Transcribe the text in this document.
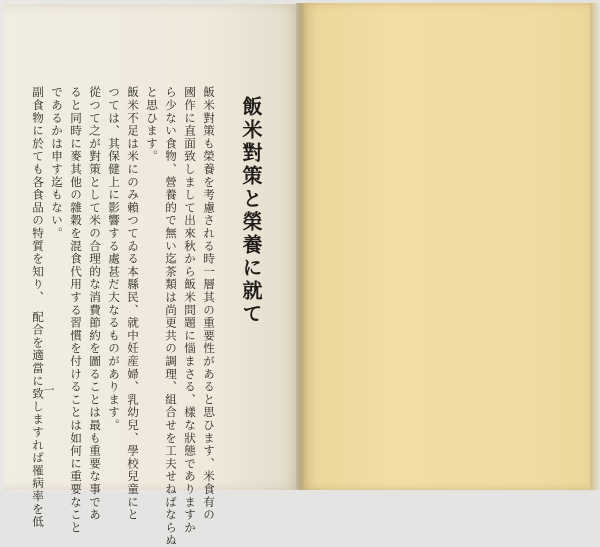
飯米對策と榮養に就て
飯米對策も榮養を考慮される時一層其の重要性があると思ひます、米食有の
國作に直面致しまして出來秋から飯米問題に惱まさる、樣な狀態でありますか
ら少ない食物、營養的で無い迄茶類は尚更共の調理、組合せを工夫せねばならぬ
と思ひます。
飯米不足は米にのみ賴つてゐる本縣民、就中妊産婦、乳幼兒、學校兒童にと
つては、其保健上に影響する處甚だ大なるものがあります。
從つて之が對策として米の合理的な消費節約を圖ることは最も重要な事であ
ると同時に麥其他の雜穀を混食代用する習慣を付けることは如何に重要なこと
であるかは申す迄もない。
副食物に於ても各食品の特質を知り、　配合を適當に致しますれば罹病率を低
一
